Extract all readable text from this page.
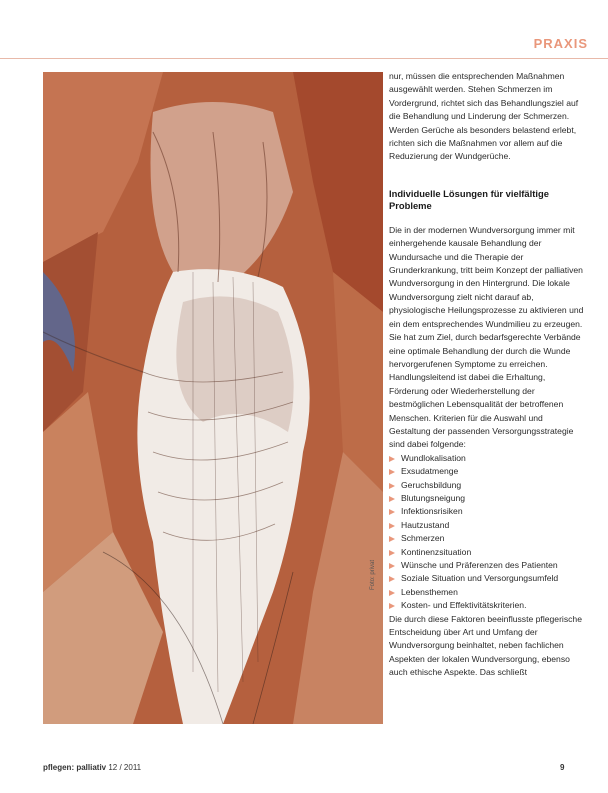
PRAXIS
Foto: privat

nur, müssen die entsprechenden Maßnahmen ausgewählt werden. Stehen Schmerzen im Vordergrund, richtet sich das Behandlungsziel auf die Behandlung und Linderung der Schmerzen. Werden Gerüche als besonders belastend erlebt, richten sich die Maßnahmen vor allem auf die Reduzierung der Wundgerüche.

Individuelle Lösungen für vielfältige Probleme

Die in der modernen Wundversorgung immer mit einhergehende kausale Behandlung der Wundursache und die Therapie der Grunderkrankung, tritt beim Konzept der palliativen Wundversorgung in den Hintergrund. Die lokale Wundversorgung zielt nicht darauf ab, physiologische Heilungsprozesse zu aktivieren und ein dem entsprechendes Wundmilieu zu erzeugen. Sie hat zum Ziel, durch bedarfsgerechte Verbände eine optimale Behandlung der durch die Wunde hervorgerufenen Symptome zu erreichen. Handlungsleitend ist dabei die Erhaltung, Förderung oder Wiederherstellung der bestmöglichen Lebensqualität der betroffenen Menschen. Kriterien für die Auswahl und Gestaltung der passenden Versorgungsstrategie sind dabei folgende:

Wundlokalisation
Exsudatmenge
Geruchsbildung
Blutungsneigung
Infektionsrisiken
Hautzustand
Schmerzen
Kontinenzsituation
Wünsche und Präferenzen des Patienten
Soziale Situation und Versorgungsumfeld
Lebensthemen
Kosten- und Effektivitätskriterien.

Die durch diese Faktoren beeinflusste pflegerische Entscheidung über Art und Umfang der Wundversorgung beinhaltet, neben fachlichen Aspekten der lokalen Wundversorgung, ebenso auch ethische Aspekte. Das schließt

pflegen: palliativ 12 / 2011	9
